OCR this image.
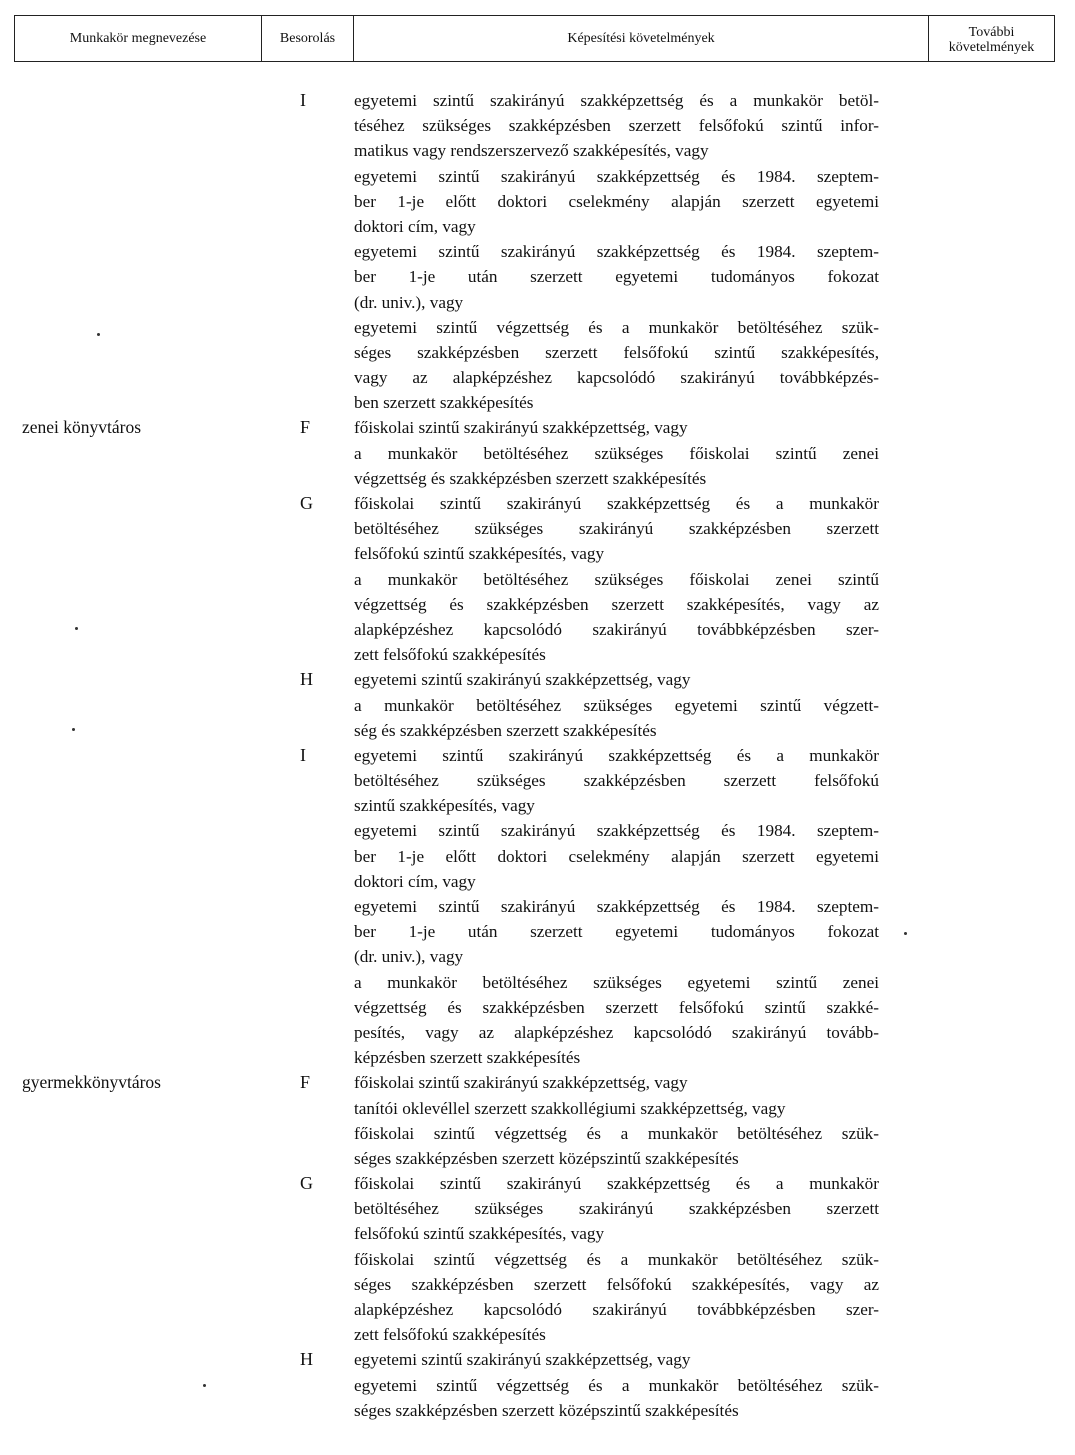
Munkakör megnevezése	Besorolás	Képesítési követelmények	További
követelmények
I	egyetemi szintű szakirányú szakképzettség és a munkakör betöl-
téséhez szükséges szakképzésben szerzett felsőfokú szintű infor-
matikus vagy rendszerszervező szakképesítés, vagy
egyetemi szintű szakirányú szakképzettség és 1984. szeptem-
ber 1-je előtt doktori cselekmény alapján szerzett egyetemi
doktori cím, vagy
egyetemi szintű szakirányú szakképzettség és 1984. szeptem-
ber 1-je után szerzett egyetemi tudományos fokozat
(dr. univ.), vagy
egyetemi szintű végzettség és a munkakör betöltéséhez szük-
séges szakképzésben szerzett felsőfokú szintű szakképesítés,
vagy az alapképzéshez kapcsolódó szakirányú továbbképzés-
ben szerzett szakképesítés
zenei könyvtáros	F	főiskolai szintű szakirányú szakképzettség, vagy
a munkakör betöltéséhez szükséges főiskolai szintű zenei
végzettség és szakképzésben szerzett szakképesítés
G	főiskolai szintű szakirányú szakképzettség és a munkakör
betöltéséhez szükséges szakirányú szakképzésben szerzett
felsőfokú szintű szakképesítés, vagy
a munkakör betöltéséhez szükséges főiskolai zenei szintű
végzettség és szakképzésben szerzett szakképesítés, vagy az
alapképzéshez kapcsolódó szakirányú továbbképzésben szer-
zett felsőfokú szakképesítés
H	egyetemi szintű szakirányú szakképzettség, vagy
a munkakör betöltéséhez szükséges egyetemi szintű végzett-
ség és szakképzésben szerzett szakképesítés
I	egyetemi szintű szakirányú szakképzettség és a munkakör
betöltéséhez szükséges szakképzésben szerzett felsőfokú
szintű szakképesítés, vagy
egyetemi szintű szakirányú szakképzettség és 1984. szeptem-
ber 1-je előtt doktori cselekmény alapján szerzett egyetemi
doktori cím, vagy
egyetemi szintű szakirányú szakképzettség és 1984. szeptem-
ber 1-je után szerzett egyetemi tudományos fokozat
(dr. univ.), vagy
a munkakör betöltéséhez szükséges egyetemi szintű zenei
végzettség és szakképzésben szerzett felsőfokú szintű szakké-
pesítés, vagy az alapképzéshez kapcsolódó szakirányú tovább-
képzésben szerzett szakképesítés
gyermekkönyvtáros	F	főiskolai szintű szakirányú szakképzettség, vagy
tanítói oklevéllel szerzett szakkollégiumi szakképzettség, vagy
főiskolai szintű végzettség és a munkakör betöltéséhez szük-
séges szakképzésben szerzett középszintű szakképesítés
G	főiskolai szintű szakirányú szakképzettség és a munkakör
betöltéséhez szükséges szakirányú szakképzésben szerzett
felsőfokú szintű szakképesítés, vagy
főiskolai szintű végzettség és a munkakör betöltéséhez szük-
séges szakképzésben szerzett felsőfokú szakképesítés, vagy az
alapképzéshez kapcsolódó szakirányú továbbképzésben szer-
zett felsőfokú szakképesítés
H	egyetemi szintű szakirányú szakképzettség, vagy
egyetemi szintű végzettség és a munkakör betöltéséhez szük-
séges szakképzésben szerzett középszintű szakképesítés
